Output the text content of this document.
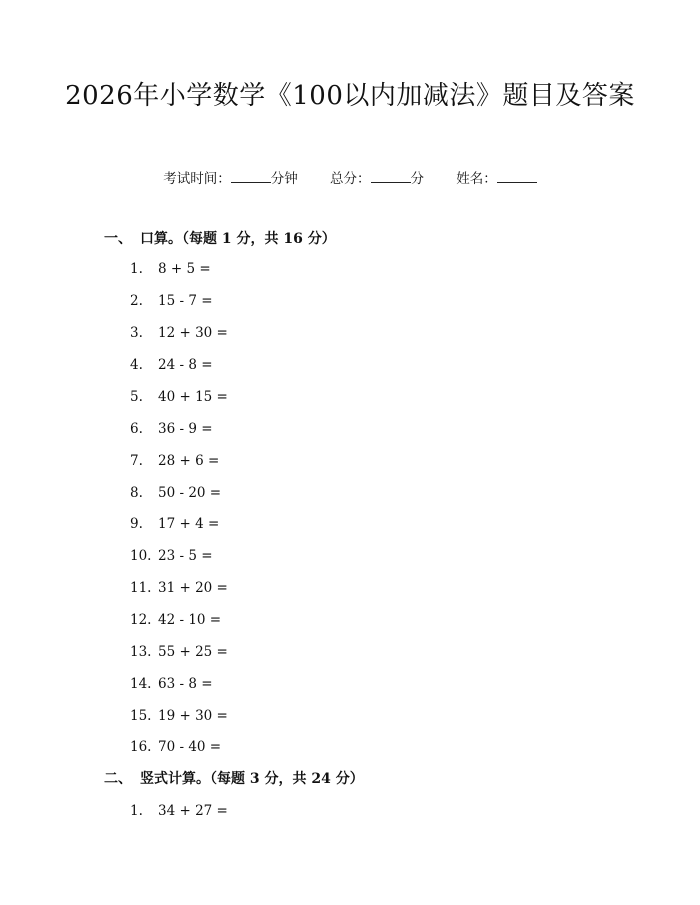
2026年小学数学《100以内加减法》题目及答案
考试时间：	分钟 总分：	分 姓名：
一、 口算。（每题 1 分，共 16 分）
1. 8 + 5 =
2. 15 - 7 =
3. 12 + 30 =
4. 24 - 8 =
5. 40 + 15 =
6. 36 - 9 =
7. 28 + 6 =
8. 50 - 20 =
9. 17 + 4 =
10. 23 - 5 =
11. 31 + 20 =
12. 42 - 10 =
13. 55 + 25 =
14. 63 - 8 =
15. 19 + 30 =
16. 70 - 40 =
二、 竖式计算。（每题 3 分，共 24 分）
1. 34 + 27 =
